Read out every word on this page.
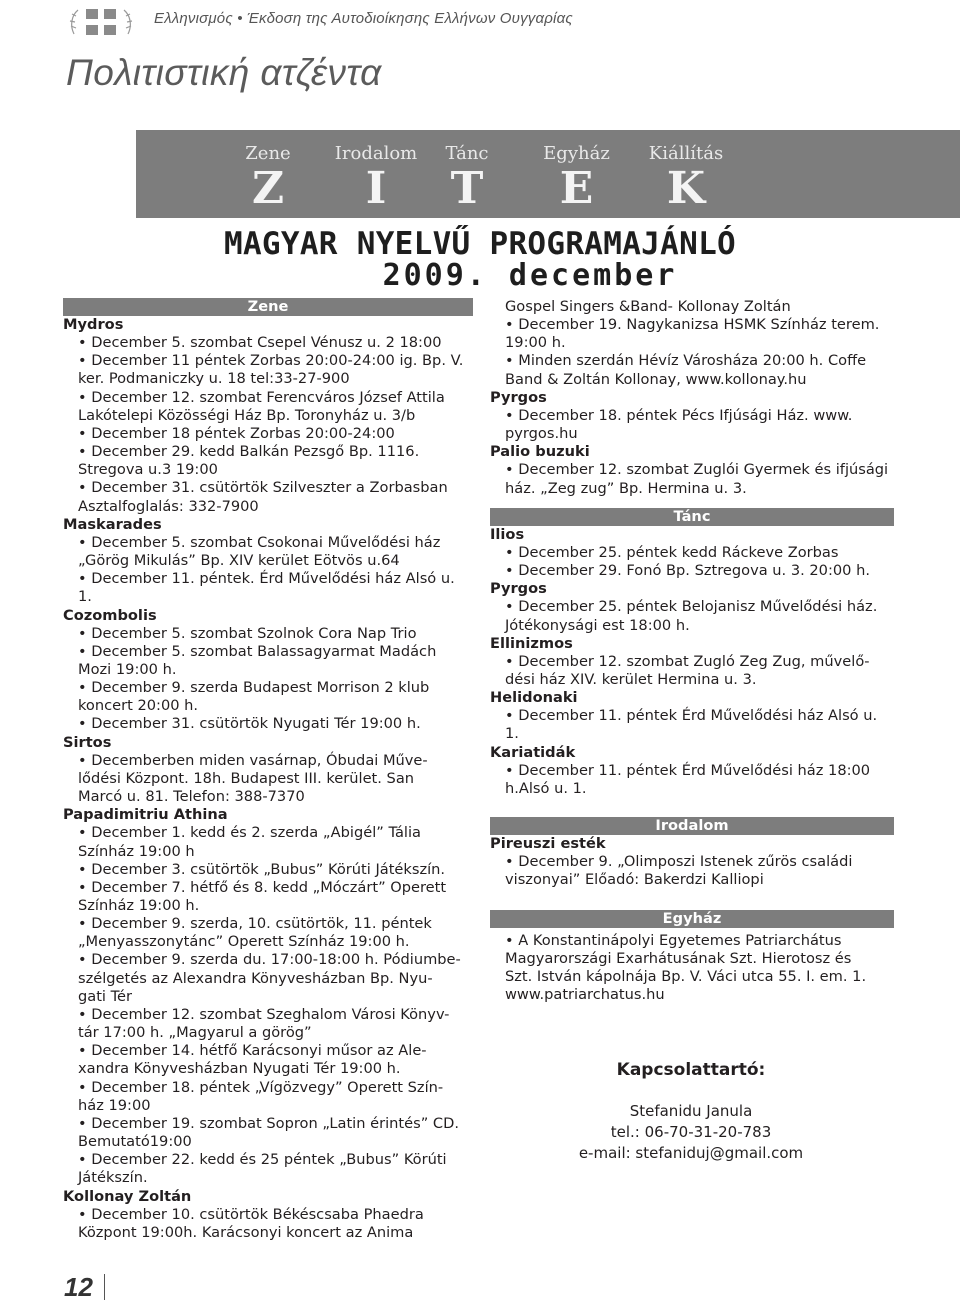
Ελληνισμός • Έκδοση της Αυτοδιοίκησης Ελλήνων Ουγγαρίας
Πολιτιστική ατζέντα
Zene
Z
Irodalom
I
Tánc
T
Egyház
E
Kiállítás
K
MAGYAR NYELVŰ PROGRAMAJÁNLÓ
2009. december
Zene
Mydros
• December 5. szombat Csepel Vénusz u. 2 18:00
• December 11 péntek Zorbas 20:00-24:00 ig. Bp. V.
ker. Podmaniczky u. 18 tel:33-27-900
• December 12. szombat Ferencváros József Attila
Lakótelepi Közösségi Ház Bp. Toronyház u. 3/b
• December 18 péntek Zorbas 20:00-24:00
• December 29. kedd Balkán Pezsgő Bp. 1116.
Stregova u.3 19:00
• December 31. csütörtök Szilveszter a Zorbasban
Asztalfoglalás: 332-7900
Maskarades
• December 5. szombat Csokonai Művelődési ház
„Görög Mikulás” Bp. XIV kerület Eötvös u.64
• December 11. péntek. Érd Művelődési ház Alsó u.
1.
Cozombolis
• December 5. szombat Szolnok Cora Nap Trio
• December 5. szombat Balassagyarmat Madách
Mozi 19:00 h.
• December 9. szerda Budapest Morrison 2 klub
koncert 20:00 h.
• December 31. csütörtök Nyugati Tér 19:00 h.
Sirtos
• Decemberben miden vasárnap, Óbudai Műve-
lődési Központ. 18h. Budapest III. kerület. San
Marcó u. 81. Telefon: 388-7370
Papadimitriu Athina
• December 1. kedd és 2. szerda „Abigél” Tália
Színház 19:00 h
• December 3. csütörtök „Bubus” Körúti Játékszín.
• December 7. hétfő és 8. kedd „Móczárt” Operett
Színház 19:00 h.
• December 9. szerda, 10. csütörtök, 11. péntek
„Menyasszonytánc” Operett Színház 19:00 h.
• December 9. szerda du. 17:00-18:00 h. Pódiumbe-
szélgetés az Alexandra Könyvesházban Bp. Nyu-
gati Tér
• December 12. szombat Szeghalom Városi Könyv-
tár 17:00 h. „Magyarul a görög”
• December 14. hétfő Karácsonyi műsor az Ale-
xandra Könyvesházban Nyugati Tér 19:00 h.
• December 18. péntek „Vígözvegy” Operett Szín-
ház 19:00
• December 19. szombat Sopron „Latin érintés” CD.
Bemutató19:00
• December 22. kedd és 25 péntek „Bubus” Körúti
Játékszín.
Kollonay Zoltán
• December 10. csütörtök Békéscsaba Phaedra
Központ 19:00h. Karácsonyi koncert az Anima
Gospel Singers &Band- Kollonay Zoltán
• December 19. Nagykanizsa HSMK Színház terem.
19:00 h.
• Minden szerdán Hévíz Városháza 20:00 h. Coffe
Band & Zoltán Kollonay, www.kollonay.hu
Pyrgos
• December 18. péntek Pécs Ifjúsági Ház. www.
pyrgos.hu
Palio buzuki
• December 12. szombat Zuglói Gyermek és ifjúsági
ház. „Zeg zug” Bp. Hermina u. 3.
Tánc
Ilios
• December 25. péntek kedd Ráckeve Zorbas
• December 29. Fonó Bp. Sztregova u. 3. 20:00 h.
Pyrgos
• December 25. péntek Belojanisz Művelődési ház.
Jótékonysági est 18:00 h.
Ellinizmos
• December 12. szombat Zugló Zeg Zug, művelő-
dési ház XIV. kerület Hermina u. 3.
Helidonaki
• December 11. péntek Érd Művelődési ház Alsó u.
1.
Kariatidák
• December 11. péntek Érd Művelődési ház 18:00
h.Alsó u. 1.
Irodalom
Pireuszi esték
• December 9. „Olimposzi Istenek zűrös családi
viszonyai” Előadó: Bakerdzi Kalliopi
Egyház
• A Konstantinápolyi Egyetemes Patriarchátus
Magyarországi Exarhátusának Szt. Hierotosz és
Szt. István kápolnája Bp. V. Váci utca 55. I. em. 1.
www.patriarchatus.hu
Kapcsolattartó:
Stefanidu Janula
tel.: 06-70-31-20-783
e-mail: stefaniduj@gmail.com
12
